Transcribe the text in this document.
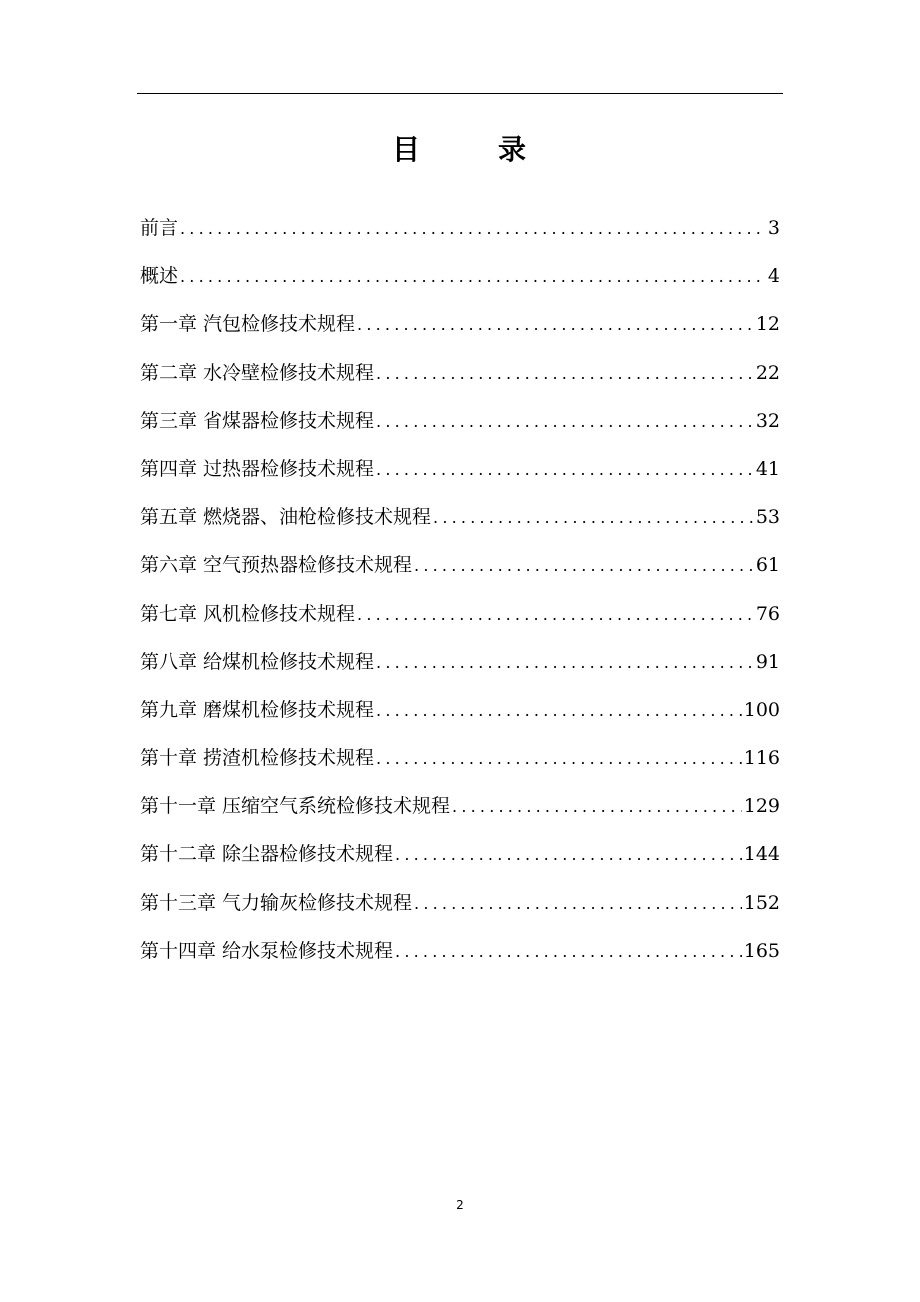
目	录
前言 .....	3
概述 .....	4
第一章 汽包检修技术规程 .....	12
第二章 水冷壁检修技术规程 .....	22
第三章 省煤器检修技术规程 .....	32
第四章 过热器检修技术规程 .....	41
第五章 燃烧器、油枪检修技术规程 .....	53
第六章 空气预热器检修技术规程 .....	61
第七章 风机检修技术规程 .....	76
第八章 给煤机检修技术规程 .....	91
第九章 磨煤机检修技术规程 .....	100
第十章 捞渣机检修技术规程 .....	116
第十一章 压缩空气系统检修技术规程 .....	129
第十二章 除尘器检修技术规程 .....	144
第十三章 气力输灰检修技术规程 .....	152
第十四章 给水泵检修技术规程 .....	165
2
